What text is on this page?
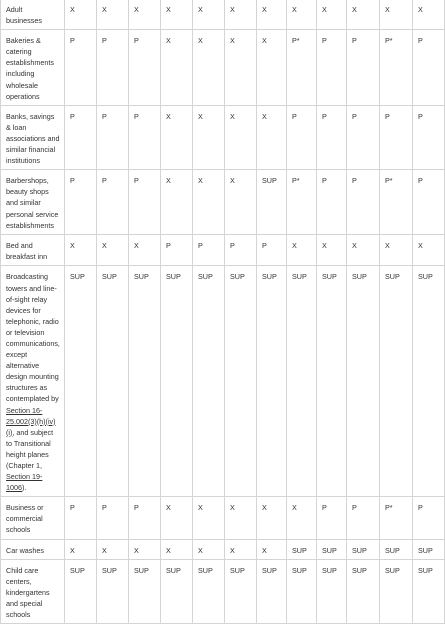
Adult businesses	X	X	X	X	X	X	X	X	X	X	X	X
Bakeries & catering establishments including wholesale operations	P	P	P	X	X	X	X	P*	P	P	P*	P
Banks, savings & loan associations and similar financial institutions	P	P	P	X	X	X	X	P	P	P	P	P
Barbershops, beauty shops and similar personal service establishments	P	P	P	X	X	X	SUP	P*	P	P	P*	P
Bed and breakfast inn	X	X	X	P	P	P	P	X	X	X	X	X
Broadcasting towers and line-of-sight relay devices for telephonic, radio or television communications, except alternative design mounting structures as contemplated by Section 16-25.002(3)(h)(iv)(i), and subject to Transitional height planes (Chapter 1, Section 19-1006).	SUP	SUP	SUP	SUP	SUP	SUP	SUP	SUP	SUP	SUP	SUP	SUP
Business or commercial schools	P	P	P	X	X	X	X	X	P	P	P*	P
Car washes	X	X	X	X	X	X	X	SUP	SUP	SUP	SUP	SUP
Child care centers, kindergartens and special schools	SUP	SUP	SUP	SUP	SUP	SUP	SUP	SUP	SUP	SUP	SUP	SUP
